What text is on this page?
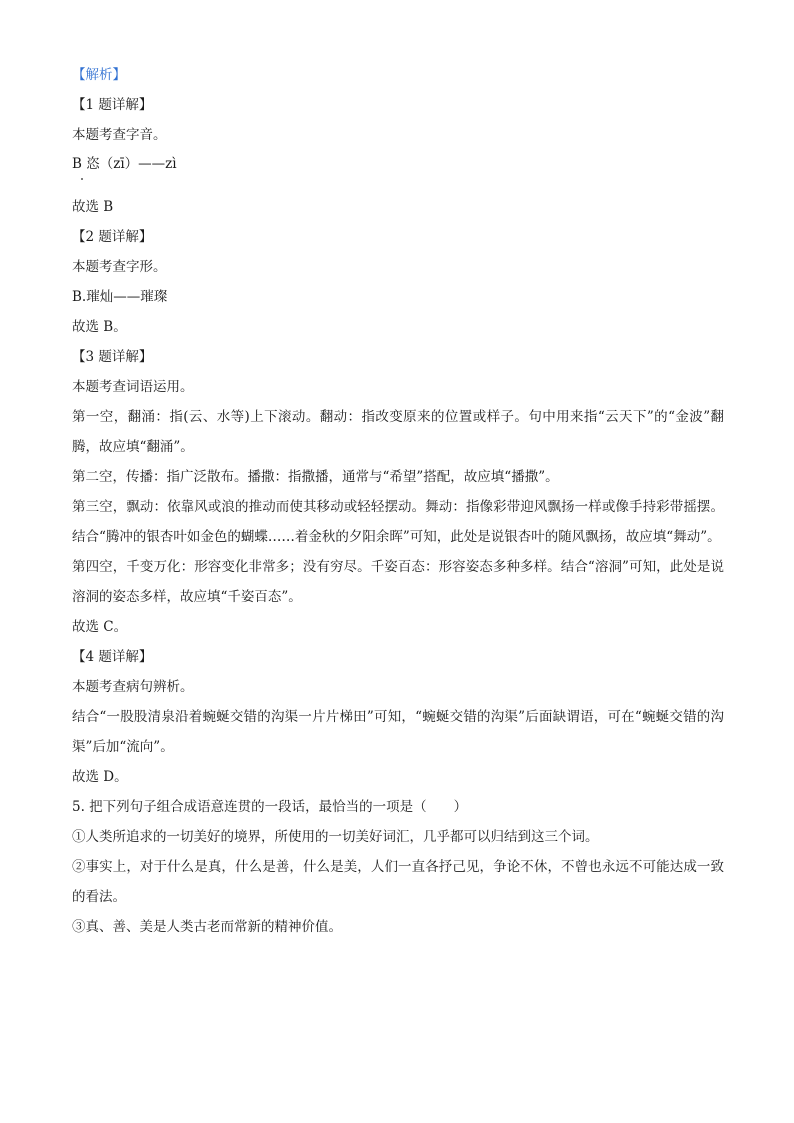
【解析】
【1 题详解】
本题考查字音。
B 恣（zī）——zì
故选 B
【2 题详解】
本题考查字形。
B.璀灿——璀璨
故选 B。
【3 题详解】
本题考查词语运用。
第一空，翻涌：指(云、水等)上下滚动。翻动：指改变原来的位置或样子。句中用来指“云天下”的“金波”翻腾，故应填“翻涌”。
第二空，传播：指广泛散布。播撒：指撒播，通常与“希望”搭配，故应填“播撒”。
第三空，飘动：依靠风或浪的推动而使其移动或轻轻摆动。舞动：指像彩带迎风飘扬一样或像手持彩带摇摆。结合“腾冲的银杏叶如金色的蝴蝶……着金秋的夕阳余晖”可知，此处是说银杏叶的随风飘扬，故应填“舞动”。
第四空，千变万化：形容变化非常多；没有穷尽。千姿百态：形容姿态多种多样。结合“溶洞”可知，此处是说溶洞的姿态多样，故应填“千姿百态”。
故选 C。
【4 题详解】
本题考查病句辨析。
结合“一股股清泉沿着蜿蜒交错的沟渠一片片梯田”可知，“蜿蜒交错的沟渠”后面缺谓语，可在“蜿蜒交错的沟渠”后加“流向”。
故选 D。
5. 把下列句子组合成语意连贯的一段话，最恰当的一项是（　　）
①人类所追求的一切美好的境界，所使用的一切美好词汇，几乎都可以归结到这三个词。
②事实上，对于什么是真，什么是善，什么是美，人们一直各抒己见，争论不休，不曾也永远不可能达成一致的看法。
③真、善、美是人类古老而常新的精神价值。
